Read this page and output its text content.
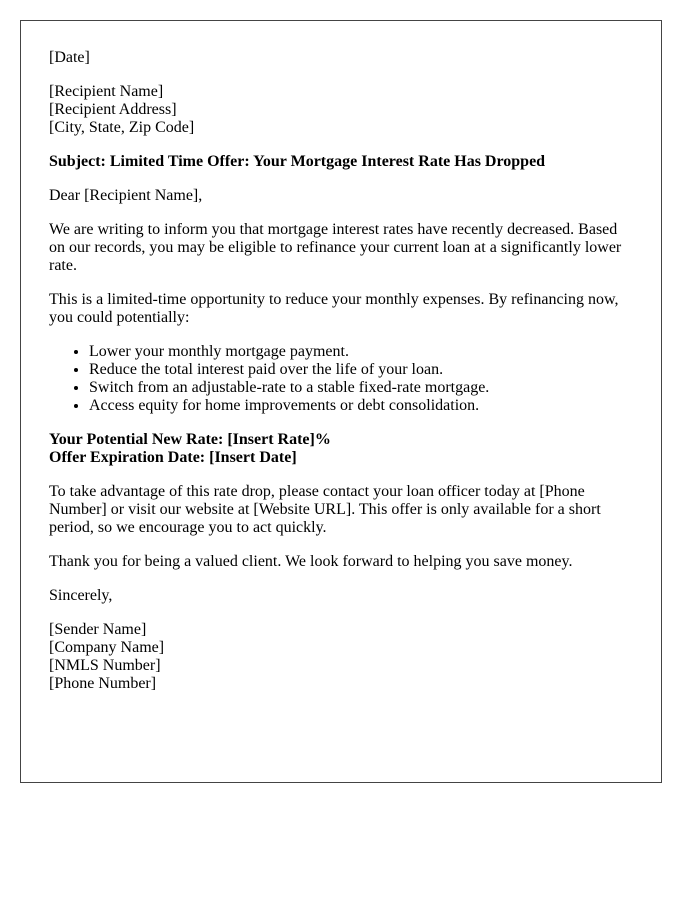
[Date]

[Recipient Name]
[Recipient Address]
[City, State, Zip Code]

Subject: Limited Time Offer: Your Mortgage Interest Rate Has Dropped

Dear [Recipient Name],

We are writing to inform you that mortgage interest rates have recently decreased. Based on our records, you may be eligible to refinance your current loan at a significantly lower rate.

This is a limited-time opportunity to reduce your monthly expenses. By refinancing now, you could potentially:

• Lower your monthly mortgage payment.
• Reduce the total interest paid over the life of your loan.
• Switch from an adjustable-rate to a stable fixed-rate mortgage.
• Access equity for home improvements or debt consolidation.

Your Potential New Rate: [Insert Rate]%
Offer Expiration Date: [Insert Date]

To take advantage of this rate drop, please contact your loan officer today at [Phone Number] or visit our website at [Website URL]. This offer is only available for a short period, so we encourage you to act quickly.

Thank you for being a valued client. We look forward to helping you save money.

Sincerely,

[Sender Name]
[Company Name]
[NMLS Number]
[Phone Number]
